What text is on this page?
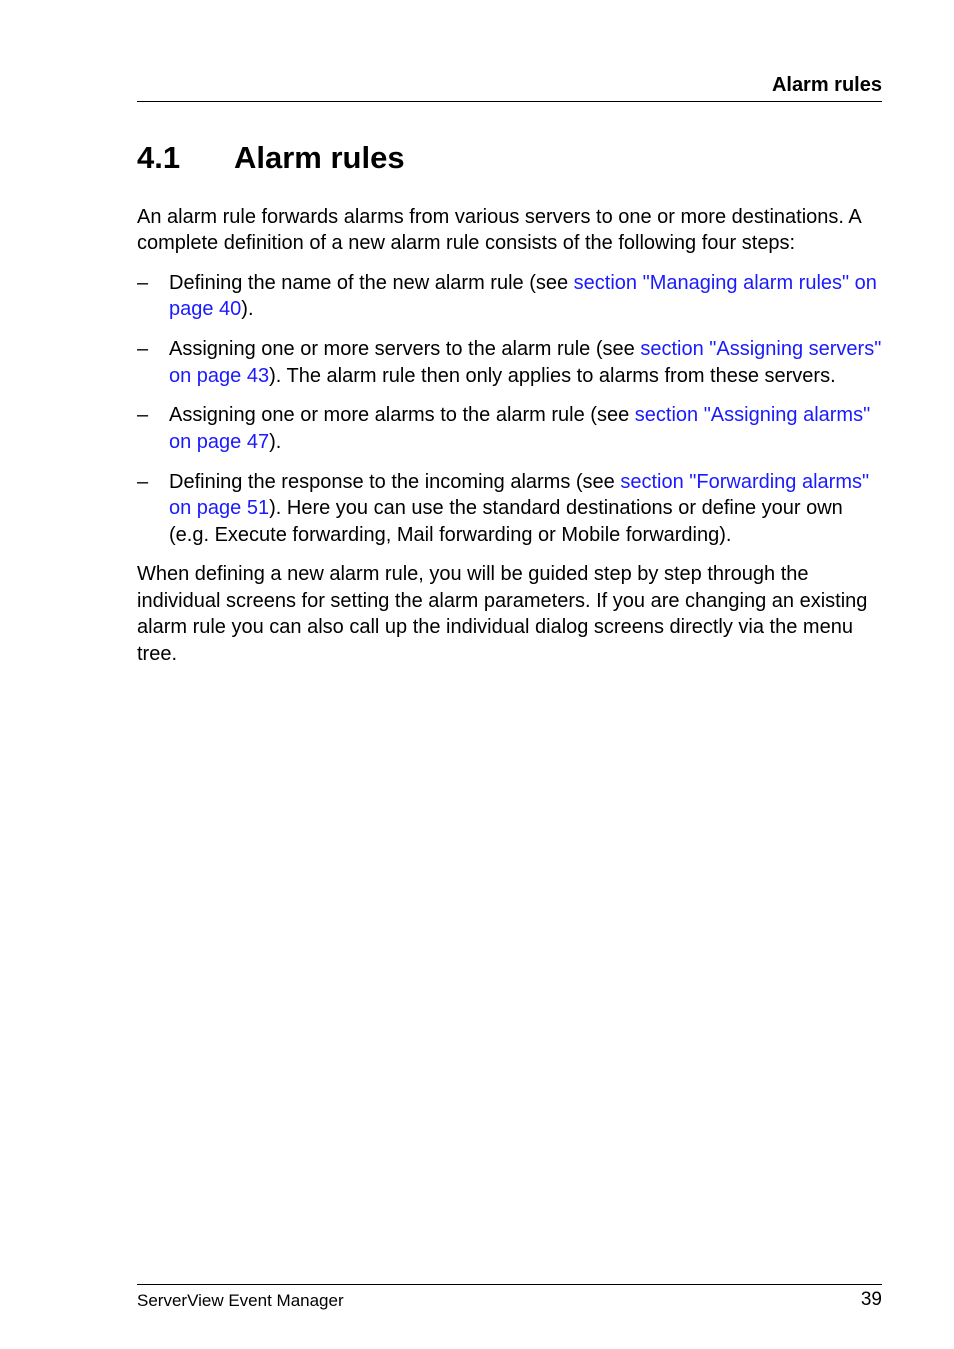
Alarm rules
4.1 Alarm rules

An alarm rule forwards alarms from various servers to one or more destinations. A complete definition of a new alarm rule consists of the following four steps:

– Defining the name of the new alarm rule (see section "Managing alarm rules" on page 40).
– Assigning one or more servers to the alarm rule (see section "Assigning servers" on page 43). The alarm rule then only applies to alarms from these servers.
– Assigning one or more alarms to the alarm rule (see section "Assigning alarms" on page 47).
– Defining the response to the incoming alarms (see section "Forwarding alarms" on page 51). Here you can use the standard destinations or define your own (e.g. Execute forwarding, Mail forwarding or Mobile forwarding).

When defining a new alarm rule, you will be guided step by step through the individual screens for setting the alarm parameters. If you are changing an existing alarm rule you can also call up the individual dialog screens directly via the menu tree.

ServerView Event Manager	39
